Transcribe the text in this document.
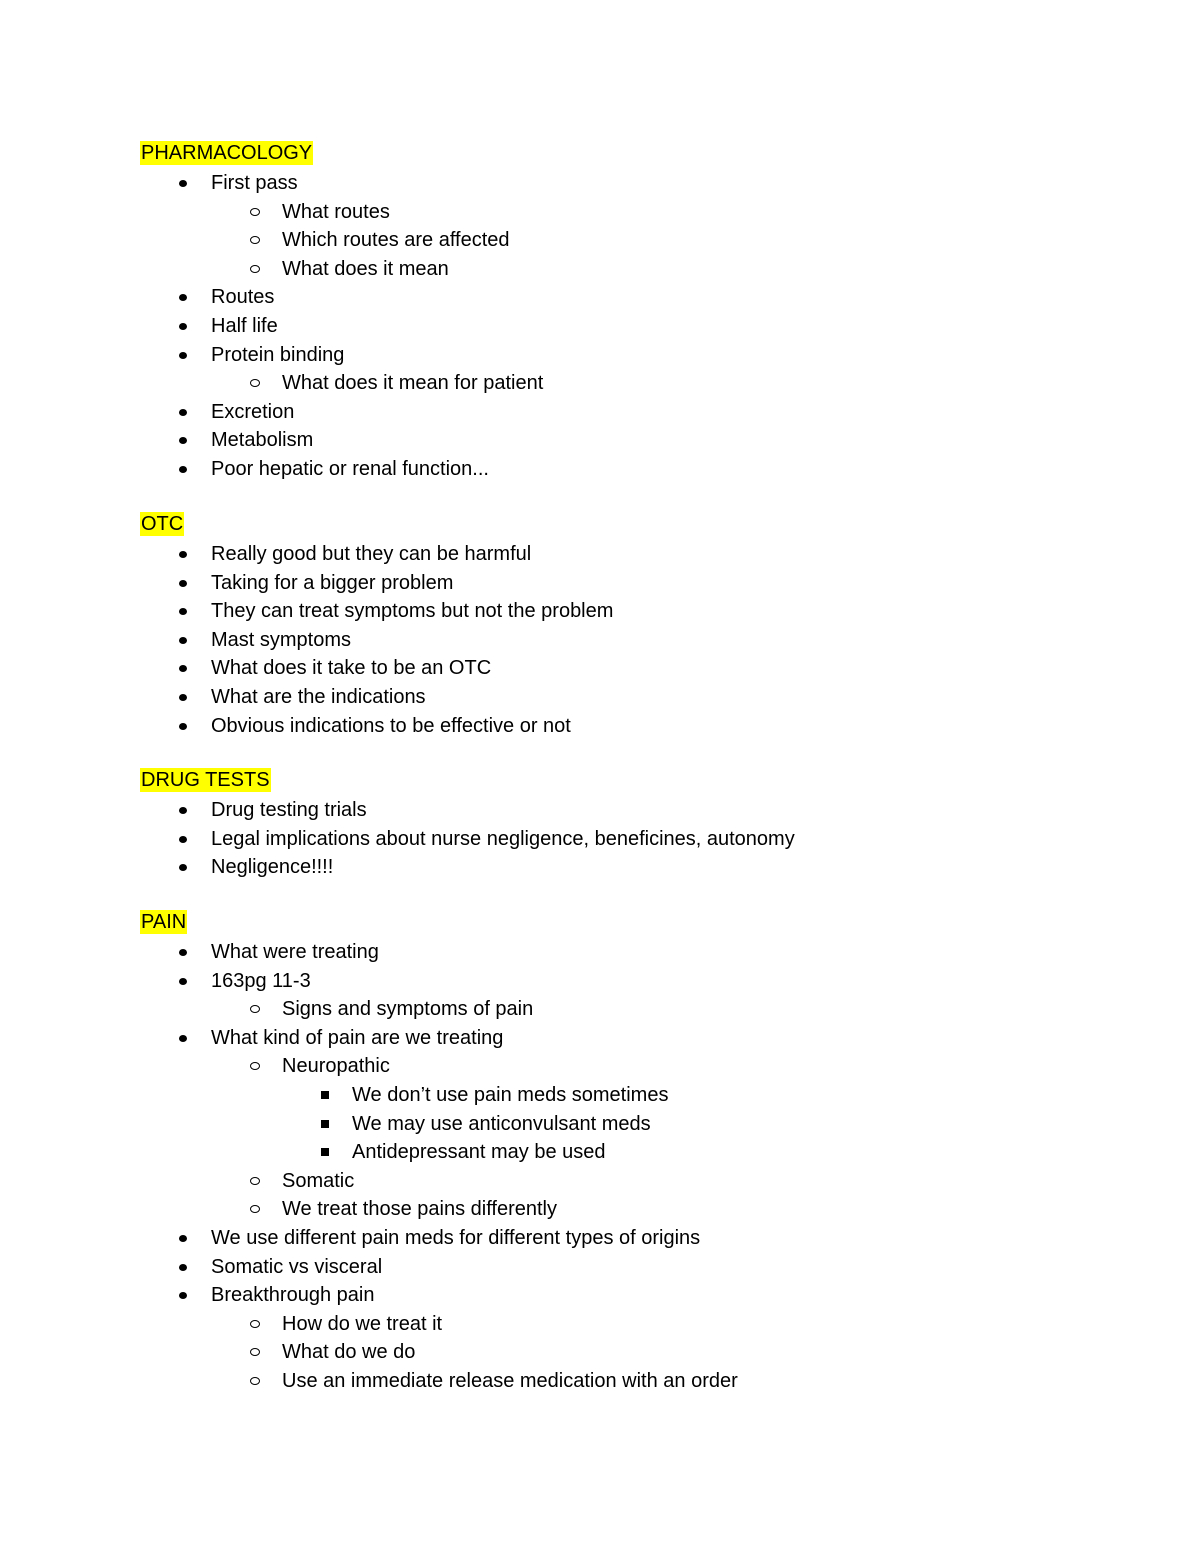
PHARMACOLOGY
First pass
What routes
Which routes are affected
What does it mean
Routes
Half life
Protein binding
What does it mean for patient
Excretion
Metabolism
Poor hepatic or renal function...
OTC
Really good but they can be harmful
Taking for a bigger problem
They can treat symptoms but not the problem
Mast symptoms
What does it take to be an OTC
What are the indications
Obvious indications to be effective or not
DRUG TESTS
Drug testing trials
Legal implications about nurse negligence, beneficines, autonomy
Negligence!!!!
PAIN
What were treating
163pg 11-3
Signs and symptoms of pain
What kind of pain are we treating
Neuropathic
We don’t use pain meds sometimes
We may use anticonvulsant meds
Antidepressant may be used
Somatic
We treat those pains differently
We use different pain meds for different types of origins
Somatic vs visceral
Breakthrough pain
How do we treat it
What do we do
Use an immediate release medication with an order
